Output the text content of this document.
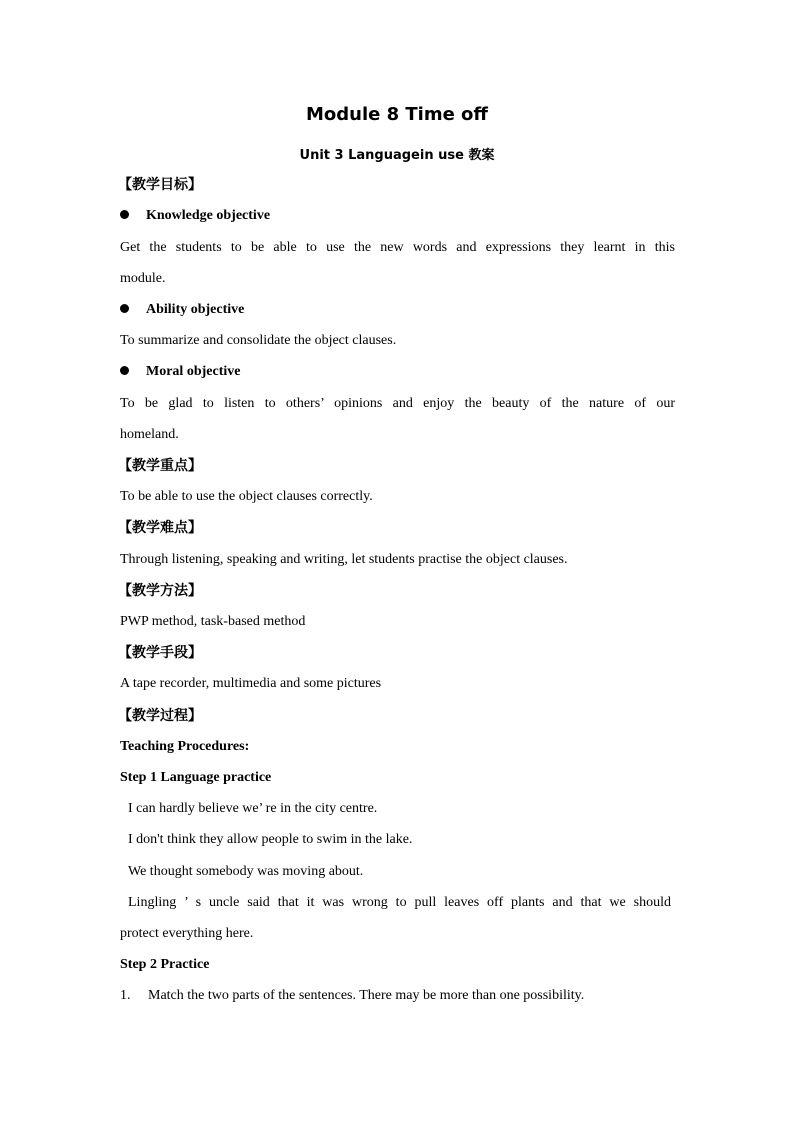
Module 8 Time off
Unit 3 Languagein use 教案
【教学目标】
Knowledge objective
Get the students to be able to use the new words and expressions they learnt in this
module.
Ability objective
To summarize and consolidate the object clauses.
Moral objective
To be glad to listen to others’ opinions and enjoy the beauty of the nature of our
homeland.
【教学重点】
To be able to use the object clauses correctly.
【教学难点】
Through listening, speaking and writing, let students practise the object clauses.
【教学方法】
PWP method, task-based method
【教学手段】
A tape recorder, multimedia and some pictures
【教学过程】
Teaching Procedures:
Step 1 Language practice
I can hardly believe we’ re in the city centre.
I don't think they allow people to swim in the lake.
We thought somebody was moving about.
Lingling ’ s uncle said that it was wrong to pull leaves off plants and that we should
protect everything here.
Step 2 Practice
1. Match the two parts of the sentences. There may be more than one possibility.
